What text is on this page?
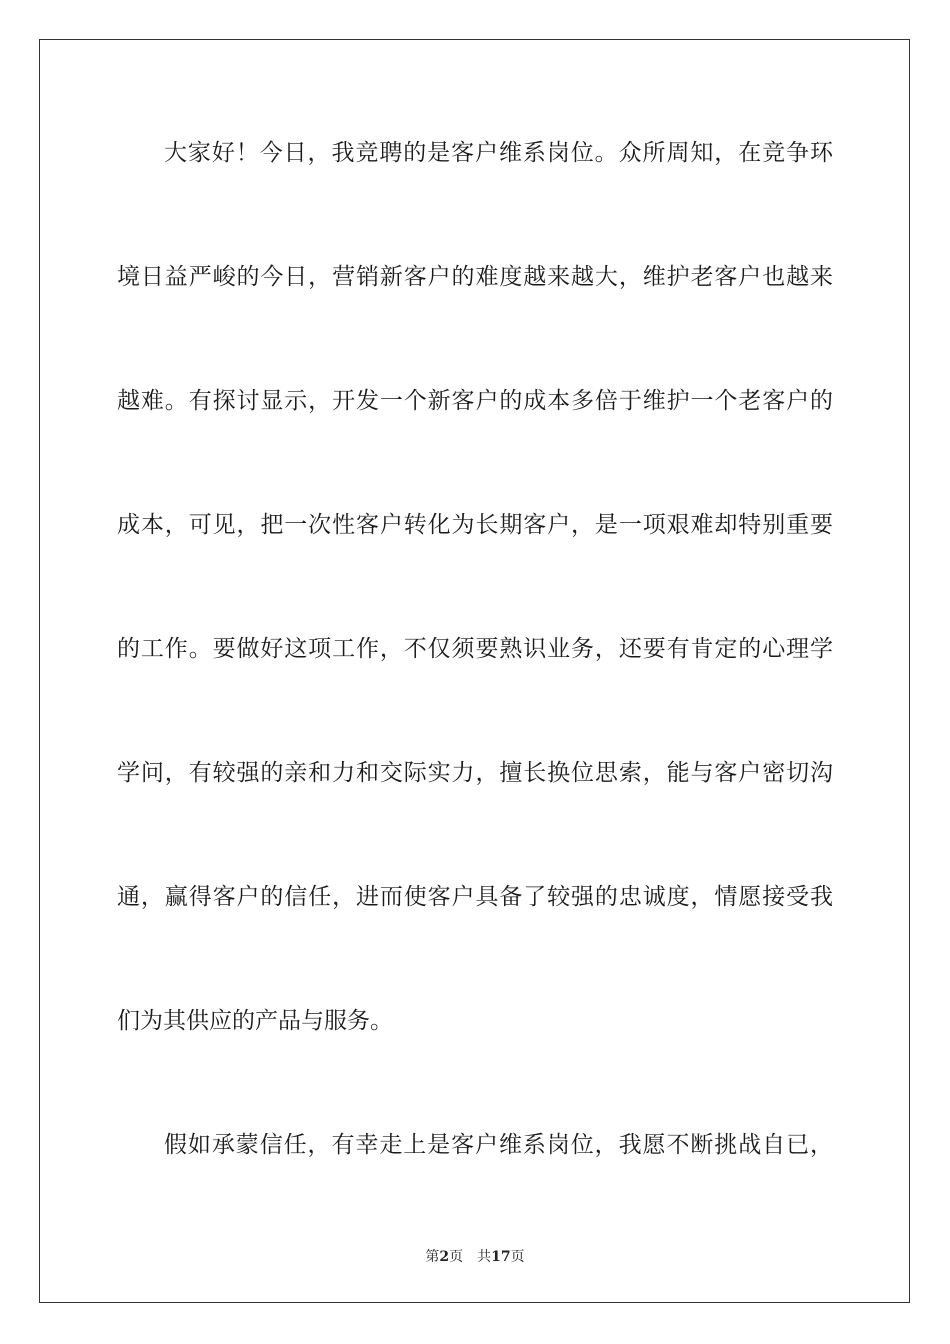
大家好！今日，我竞聘的是客户维系岗位。众所周知，在竞争环
境日益严峻的今日，营销新客户的难度越来越大，维护老客户也越来
越难。有探讨显示，开发一个新客户的成本多倍于维护一个老客户的
成本，可见，把一次性客户转化为长期客户，是一项艰难却特别重要
的工作。要做好这项工作，不仅须要熟识业务，还要有肯定的心理学
学问，有较强的亲和力和交际实力，擅长换位思索，能与客户密切沟
通，赢得客户的信任，进而使客户具备了较强的忠诚度，情愿接受我
们为其供应的产品与服务。
假如承蒙信任，有幸走上是客户维系岗位，我愿不断挑战自已，
第2页 共17页
